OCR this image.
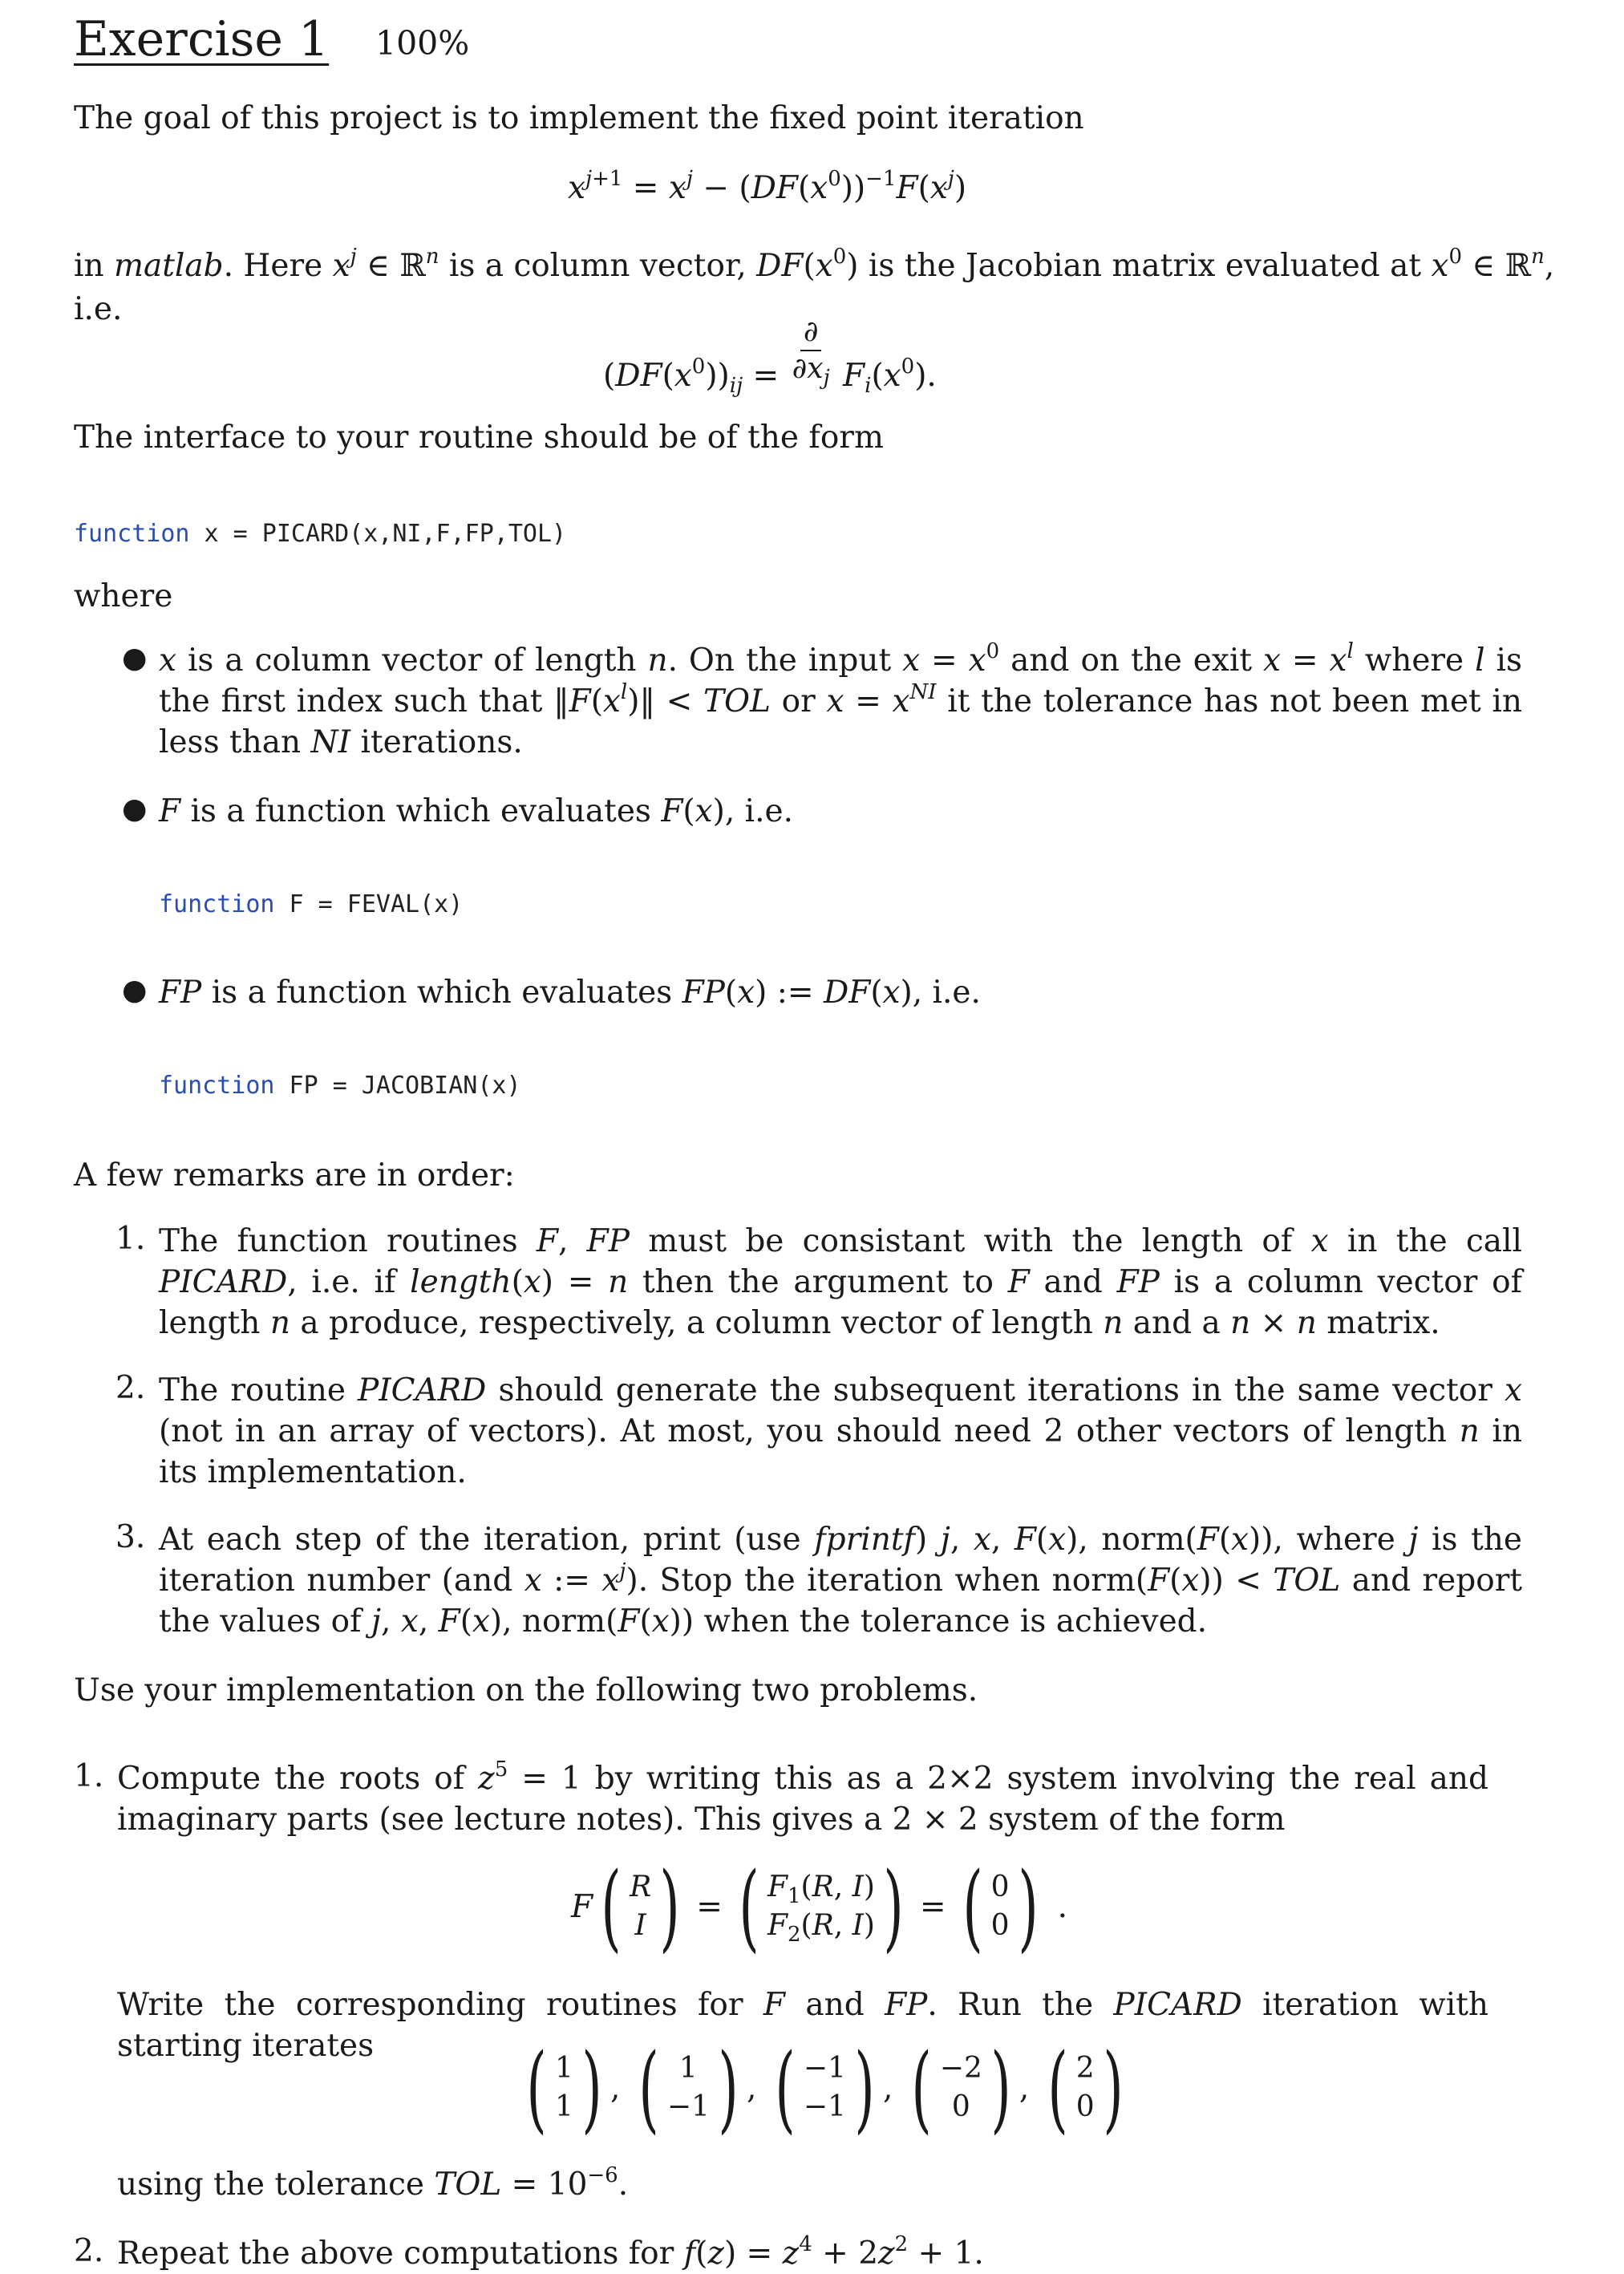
Exercise 1 100%
The goal of this project is to implement the fixed point iteration
$x^{j+1} = x^j - (DF(x^0))^{-1}F(x^j)$
in matlab. Here $x^j$ ∈ ℝ$^n$ is a column vector, $DF(x^0)$ is the Jacobian matrix evaluated at $x^0$ ∈ ℝ$^n$,
i.e.
$(DF(x^0))_{ij} = \frac{\partial}{\partial x_j} F_i(x^0)$.
The interface to your routine should be of the form
function x = PICARD(x,NI,F,FP,TOL)
where
● x is a column vector of length n. On the input $x = x^0$ and on the exit $x = x^l$ where l is the first index such that $‖F(x^l)‖$ < TOL or $x = x^{NI}$ it the tolerance has not been met in less than NI iterations.
● F is a function which evaluates F(x), i.e.
function F = FEVAL(x)
● FP is a function which evaluates FP(x) := DF(x), i.e.
function FP = JACOBIAN(x)
A few remarks are in order:
1. The function routines F, FP must be consistant with the length of x in the call PICARD, i.e. if length(x) = n then the argument to F and FP is a column vector of length n a produce, respectively, a column vector of length n and a n × n matrix.
2. The routine PICARD should generate the subsequent iterations in the same vector x (not in an array of vectors). At most, you should need 2 other vectors of length n in its implementation.
3. At each step of the iteration, print (use fprintf) j, x, F(x), norm(F(x)), where j is the iteration number (and x := $x^j$). Stop the iteration when norm(F(x)) < TOL and report the values of j, x, F(x), norm(F(x)) when the tolerance is achieved.
Use your implementation on the following two problems.
1. Compute the roots of $z^5 = 1$ by writing this as a 2×2 system involving the real and imaginary parts (see lecture notes). This gives a 2 × 2 system of the form
F ( R
I ) = ( $F_1(R$, I)
$F_2(R$, I) ) = ( 0
0 ) .
Write the corresponding routines for F and FP. Run the PICARD iteration with starting iterates	( 1
1 ) , ( 1
−1 ) , ( −1
−1 ) , ( −2
0 ) , ( 2
0 )
using the tolerance TOL = $10^{-6}$.
2. Repeat the above computations for $f(z) = z^4 + 2z^2 + 1$.
